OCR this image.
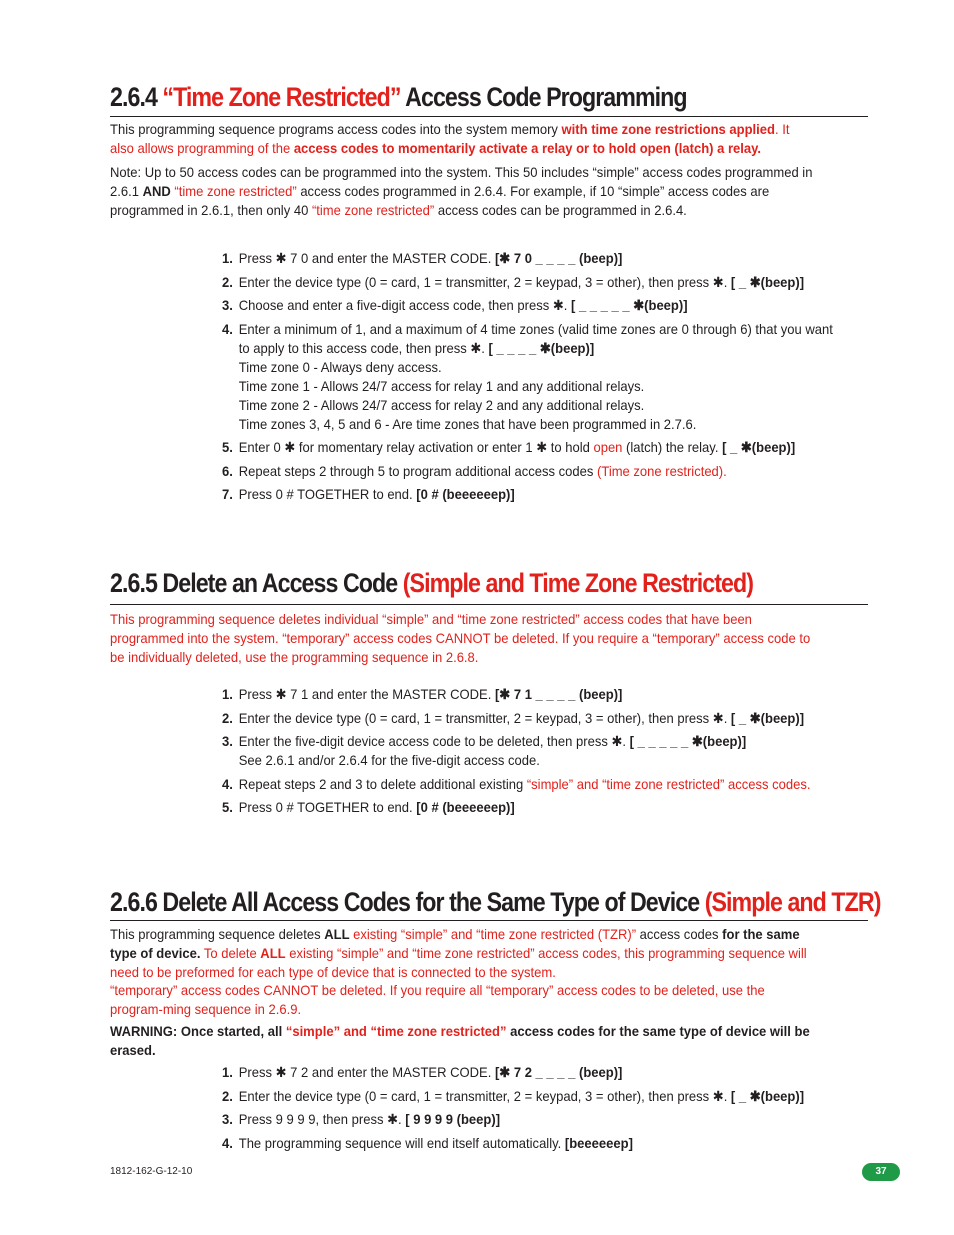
2.6.4 “Time Zone Restricted” Access Code Programming
This programming sequence programs access codes into the system memory with time zone restrictions applied. It also allows programming of the access codes to momentarily activate a relay or to hold open (latch) a relay.
Note: Up to 50 access codes can be programmed into the system. This 50 includes “simple” access codes programmed in 2.6.1 AND “time zone restricted” access codes programmed in 2.6.4. For example, if 10 “simple” access codes are programmed in 2.6.1, then only 40 “time zone restricted” access codes can be programmed in 2.6.4.
1. Press ✱ 7 0 and enter the MASTER CODE. [✱ 7 0 _ _ _ _ (beep)]
2. Enter the device type (0 = card, 1 = transmitter, 2 = keypad, 3 = other), then press ✱. [ _ ✱(beep)]
3. Choose and enter a five-digit access code, then press ✱. [ _ _ _ _ _ ✱(beep)]
4. Enter a minimum of 1, and a maximum of 4 time zones (valid time zones are 0 through 6) that you want to apply to this access code, then press ✱. [ _ _ _ _ ✱(beep)]
Time zone 0 - Always deny access.
Time zone 1 - Allows 24/7 access for relay 1 and any additional relays.
Time zone 2 - Allows 24/7 access for relay 2 and any additional relays.
Time zones 3, 4, 5 and 6 - Are time zones that have been programmed in 2.7.6.
5. Enter 0 ✱ for momentary relay activation or enter 1 ✱ to hold open (latch) the relay. [ _ ✱(beep)]
6. Repeat steps 2 through 5 to program additional access codes (Time zone restricted).
7. Press 0 # TOGETHER to end. [0 # (beeeeeep)]
2.6.5 Delete an Access Code (Simple and Time Zone Restricted)
This programming sequence deletes individual “simple” and “time zone restricted” access codes that have been programmed into the system. “temporary” access codes CANNOT be deleted. If you require a “temporary” access code to be individually deleted, use the programming sequence in 2.6.8.
1. Press ✱ 7 1 and enter the MASTER CODE. [✱ 7 1 _ _ _ _ (beep)]
2. Enter the device type (0 = card, 1 = transmitter, 2 = keypad, 3 = other), then press ✱. [ _ ✱(beep)]
3. Enter the five-digit device access code to be deleted, then press ✱. [ _ _ _ _ _ ✱(beep)]
See 2.6.1 and/or 2.6.4 for the five-digit access code.
4. Repeat steps 2 and 3 to delete additional existing “simple” and “time zone restricted” access codes.
5. Press 0 # TOGETHER to end. [0 # (beeeeeep)]
2.6.6 Delete All Access Codes for the Same Type of Device (Simple and TZR)
This programming sequence deletes ALL existing “simple” and “time zone restricted (TZR)” access codes for the same type of device. To delete ALL existing “simple” and “time zone restricted” access codes, this programming sequence will need to be preformed for each type of device that is connected to the system.
“temporary” access codes CANNOT be deleted. If you require all “temporary” access codes to be deleted, use the program-ming sequence in 2.6.9.
WARNING: Once started, all “simple” and “time zone restricted” access codes for the same type of device will be erased.
1. Press ✱ 7 2 and enter the MASTER CODE. [✱ 7 2 _ _ _ _ (beep)]
2. Enter the device type (0 = card, 1 = transmitter, 2 = keypad, 3 = other), then press ✱. [ _ ✱(beep)]
3. Press 9 9 9 9, then press ✱. [ 9 9 9 9 (beep)]
4. The programming sequence will end itself automatically. [beeeeeep]
1812-162-G-12-10	37
